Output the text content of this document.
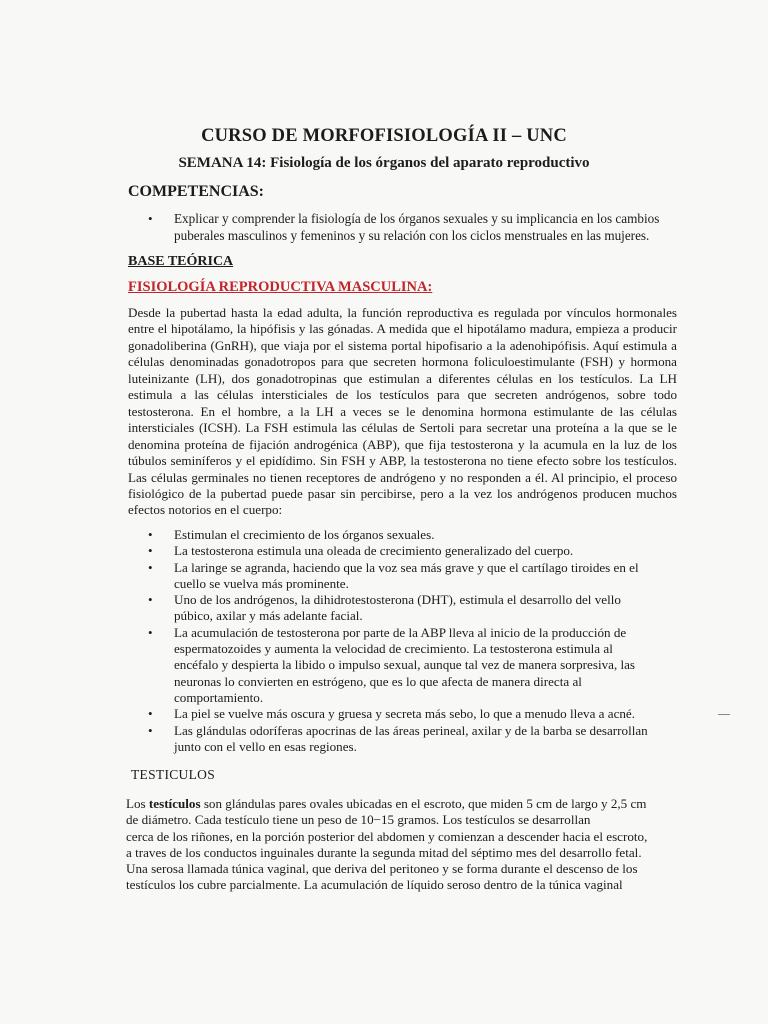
CURSO DE MORFOFISIOLOGÍA II – UNC
SEMANA 14: Fisiología de los órganos del aparato reproductivo
COMPETENCIAS:
• Explicar y comprender la fisiología de los órganos sexuales y su implicancia en los cambios puberales masculinos y femeninos y su relación con los ciclos menstruales en las mujeres.
BASE TEÓRICA
FISIOLOGÍA REPRODUCTIVA MASCULINA:

Desde la pubertad hasta la edad adulta, la función reproductiva es regulada por vínculos hormonales entre el hipotálamo, la hipófisis y las gónadas. A medida que el hipotálamo madura, empieza a producir gonadoliberina (GnRH), que viaja por el sistema portal hipofisario a la adenohipófisis. Aquí estimula a células denominadas gonadotropos para que secreten hormona foliculoestimulante (FSH) y hormona luteinizante (LH), dos gonadotropinas que estimulan a diferentes células en los testículos. La LH estimula a las células intersticiales de los testículos para que secreten andrógenos, sobre todo testosterona. En el hombre, a la LH a veces se le denomina hormona estimulante de las células intersticiales (ICSH). La FSH estimula las células de Sertoli para secretar una proteína a la que se le denomina proteína de fijación androgénica (ABP), que fija testosterona y la acumula en la luz de los túbulos seminíferos y el epidídimo. Sin FSH y ABP, la testosterona no tiene efecto sobre los testículos. Las células germinales no tienen receptores de andrógeno y no responden a él. Al principio, el proceso fisiológico de la pubertad puede pasar sin percibirse, pero a la vez los andrógenos producen muchos efectos notorios en el cuerpo:

• Estimulan el crecimiento de los órganos sexuales.
• La testosterona estimula una oleada de crecimiento generalizado del cuerpo.
• La laringe se agranda, haciendo que la voz sea más grave y que el cartílago tiroides en el cuello se vuelva más prominente.
• Uno de los andrógenos, la dihidrotestosterona (DHT), estimula el desarrollo del vello púbico, axilar y más adelante facial.
• La acumulación de testosterona por parte de la ABP lleva al inicio de la producción de espermatozoides y aumenta la velocidad de crecimiento. La testosterona estimula al encéfalo y despierta la libido o impulso sexual, aunque tal vez de manera sorpresiva, las neuronas lo convierten en estrógeno, que es lo que afecta de manera directa al comportamiento.
• La piel se vuelve más oscura y gruesa y secreta más sebo, lo que a menudo lleva a acné.
• Las glándulas odoríferas apocrinas de las áreas perineal, axilar y de la barba se desarrollan junto con el vello en esas regiones.
TESTICULOS
Los testículos son glándulas pares ovales ubicadas en el escroto, que miden 5 cm de largo y 2,5 cm
de diámetro. Cada testículo tiene un peso de 10−15 gramos. Los testículos se desarrollan
cerca de los riñones, en la porción posterior del abdomen y comienzan a descender hacia el escroto,
a traves de los conductos inguinales durante la segunda mitad del séptimo mes del desarrollo fetal.
Una serosa llamada túnica vaginal, que deriva del peritoneo y se forma durante el descenso de los
testículos los cubre parcialmente. La acumulación de líquido seroso dentro de la túnica vaginal
